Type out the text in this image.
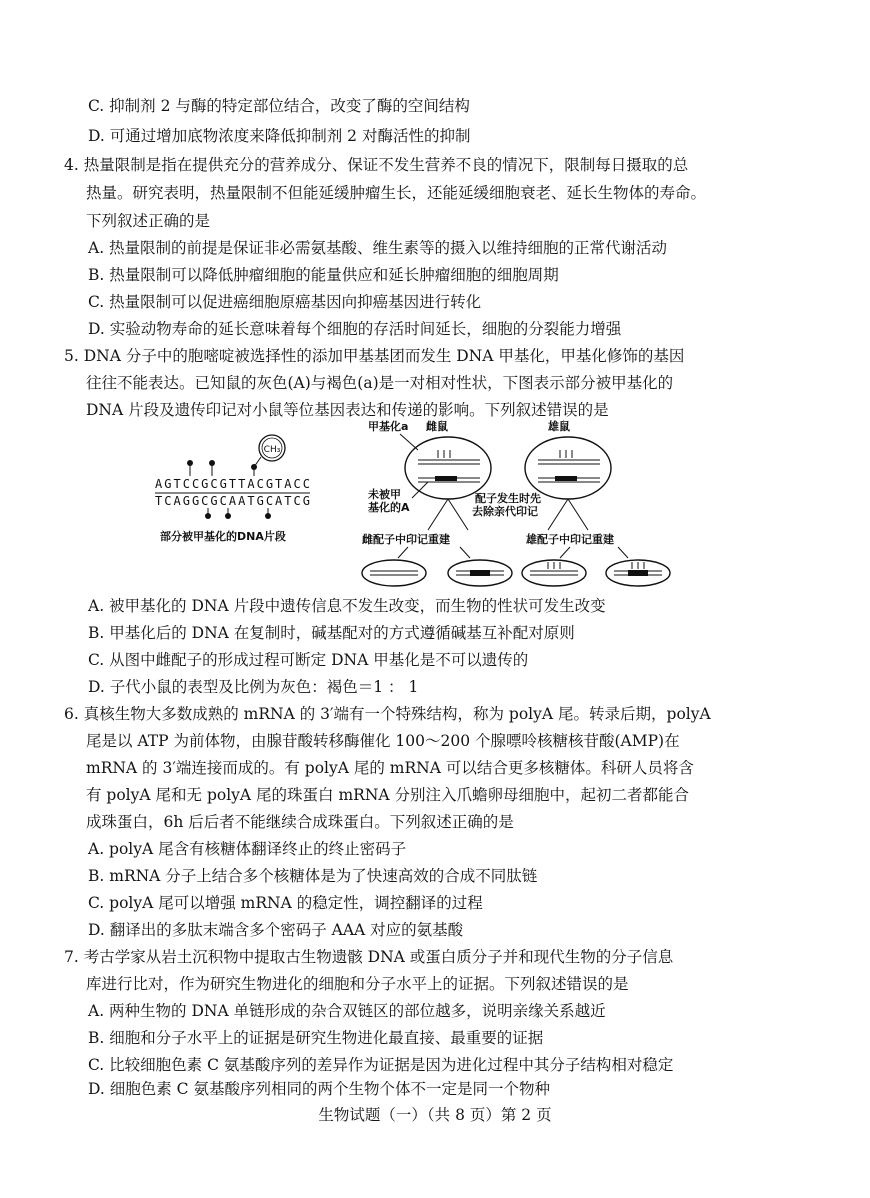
C. 抑制剂 2 与酶的特定部位结合，改变了酶的空间结构
D. 可通过增加底物浓度来降低抑制剂 2 对酶活性的抑制
4. 热量限制是指在提供充分的营养成分、保证不发生营养不良的情况下，限制每日摄取的总
热量。研究表明，热量限制不但能延缓肿瘤生长，还能延缓细胞衰老、延长生物体的寿命。
下列叙述正确的是
A. 热量限制的前提是保证非必需氨基酸、维生素等的摄入以维持细胞的正常代谢活动
B. 热量限制可以降低肿瘤细胞的能量供应和延长肿瘤细胞的细胞周期
C. 热量限制可以促进癌细胞原癌基因向抑癌基因进行转化
D. 实验动物寿命的延长意味着每个细胞的存活时间延长，细胞的分裂能力增强
5. DNA 分子中的胞嘧啶被选择性的添加甲基基团而发生 DNA 甲基化，甲基化修饰的基因
往往不能表达。已知鼠的灰色(A)与褐色(a)是一对相对性状，下图表示部分被甲基化的
DNA 片段及遗传印记对小鼠等位基因表达和传递的影响。下列叙述错误的是
CH₃
AGTCCGCGTTACGTACC
TCAGGCGCAATGCATCG
部分被甲基化的DNA片段
甲基化a 雌鼠	雄鼠
未被甲
基化的A
配子发生时先
去除亲代印记
雌配子中印记重建	雄配子中印记重建
A. 被甲基化的 DNA 片段中遗传信息不发生改变，而生物的性状可发生改变
B. 甲基化后的 DNA 在复制时，碱基配对的方式遵循碱基互补配对原则
C. 从图中雌配子的形成过程可断定 DNA 甲基化是不可以遗传的
D. 子代小鼠的表型及比例为灰色：褐色＝1 ： 1
6. 真核生物大多数成熟的 mRNA 的 3′端有一个特殊结构，称为 polyA 尾。转录后期，polyA
尾是以 ATP 为前体物，由腺苷酸转移酶催化 100～200 个腺嘌呤核糖核苷酸(AMP)在
mRNA 的 3′端连接而成的。有 polyA 尾的 mRNA 可以结合更多核糖体。科研人员将含
有 polyA 尾和无 polyA 尾的珠蛋白 mRNA 分别注入爪蟾卵母细胞中，起初二者都能合
成珠蛋白，6h 后后者不能继续合成珠蛋白。下列叙述正确的是
A. polyA 尾含有核糖体翻译终止的终止密码子
B. mRNA 分子上结合多个核糖体是为了快速高效的合成不同肽链
C. polyA 尾可以增强 mRNA 的稳定性，调控翻译的过程
D. 翻译出的多肽末端含多个密码子 AAA 对应的氨基酸
7. 考古学家从岩土沉积物中提取古生物遗骸 DNA 或蛋白质分子并和现代生物的分子信息
库进行比对，作为研究生物进化的细胞和分子水平上的证据。下列叙述错误的是
A. 两种生物的 DNA 单链形成的杂合双链区的部位越多，说明亲缘关系越近
B. 细胞和分子水平上的证据是研究生物进化最直接、最重要的证据
C. 比较细胞色素 C 氨基酸序列的差异作为证据是因为进化过程中其分子结构相对稳定
D. 细胞色素 C 氨基酸序列相同的两个生物个体不一定是同一个物种
生物试题（一）（共 8 页）第 2 页
